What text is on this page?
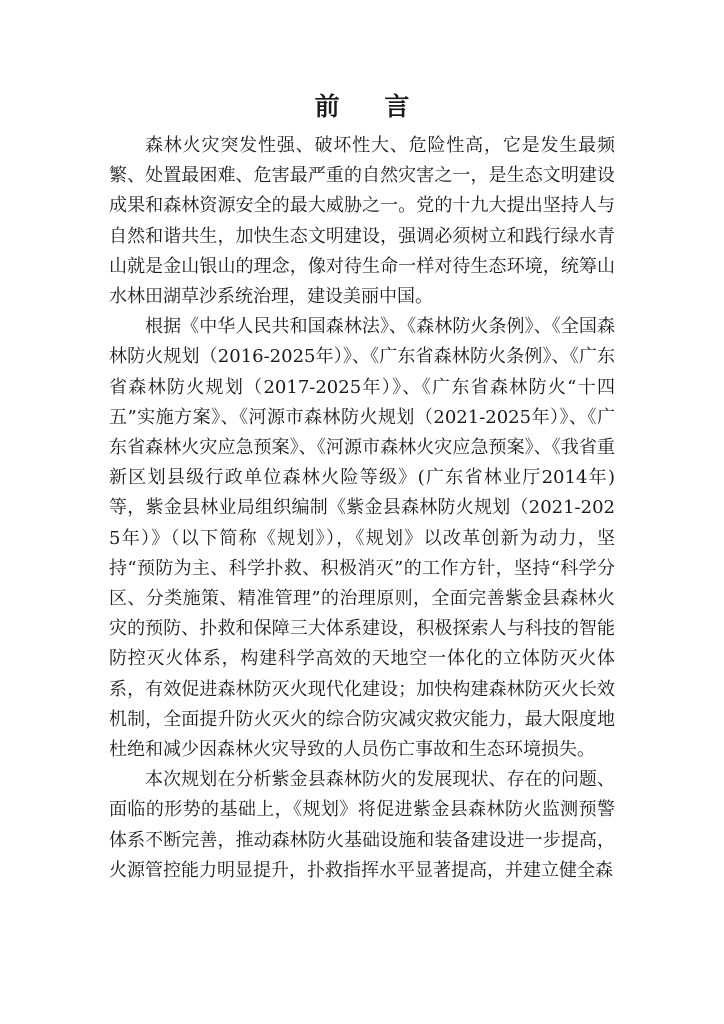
前 言

森林火灾突发性强、破坏性大、危险性高，它是发生最频繁、处置最困难、危害最严重的自然灾害之一，是生态文明建设成果和森林资源安全的最大威胁之一。党的十九大提出坚持人与自然和谐共生，加快生态文明建设，强调必须树立和践行绿水青山就是金山银山的理念，像对待生命一样对待生态环境，统筹山水林田湖草沙系统治理，建设美丽中国。

根据《中华人民共和国森林法》、《森林防火条例》、《全国森林防火规划（2016-2025年）》、《广东省森林防火条例》、《广东省森林防火规划（2017-2025年）》、《广东省森林防火“十四五”实施方案》、《河源市森林防火规划（2021-2025年）》、《广东省森林火灾应急预案》、《河源市森林火灾应急预案》、《我省重新区划县级行政单位森林火险等级》(广东省林业厅2014年)等，紫金县林业局组织编制《紫金县森林防火规划（2021-2025年）》（以下简称《规划》），《规划》以改革创新为动力，坚持“预防为主、科学扑救、积极消灭”的工作方针，坚持“科学分区、分类施策、精准管理”的治理原则，全面完善紫金县森林火灾的预防、扑救和保障三大体系建设，积极探索人与科技的智能防控灭火体系，构建科学高效的天地空一体化的立体防灭火体系，有效促进森林防灭火现代化建设；加快构建森林防灭火长效机制，全面提升防火灭火的综合防灾减灾救灾能力，最大限度地杜绝和减少因森林火灾导致的人员伤亡事故和生态环境损失。

本次规划在分析紫金县森林防火的发展现状、存在的问题、面临的形势的基础上，《规划》将促进紫金县森林防火监测预警体系不断完善，推动森林防火基础设施和装备建设进一步提高，火源管控能力明显提升，扑救指挥水平显著提高，并建立健全森
